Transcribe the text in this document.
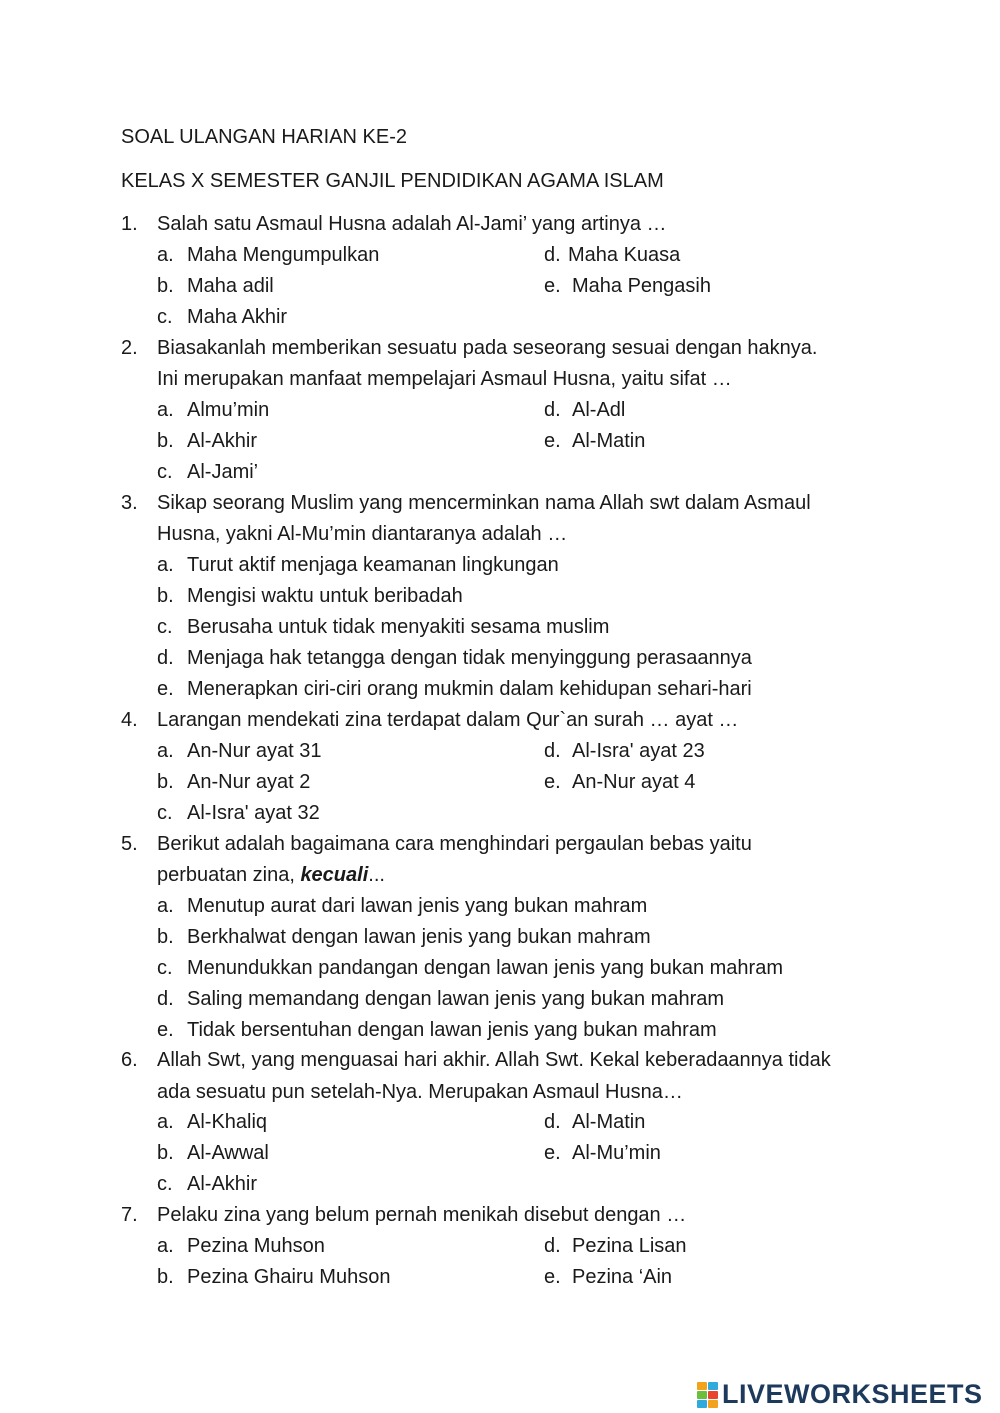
SOAL ULANGAN HARIAN KE-2
KELAS X SEMESTER GANJIL PENDIDIKAN AGAMA ISLAM
1. Salah satu Asmaul Husna adalah Al-Jami’ yang artinya …
a. Maha Mengumpulkan	d. Maha Kuasa
b. Maha adil	e. Maha Pengasih
c. Maha Akhir
2. Biasakanlah memberikan sesuatu pada seseorang sesuai dengan haknya.
Ini merupakan manfaat mempelajari Asmaul Husna, yaitu sifat …
a. Almu’min	d. Al-Adl
b. Al-Akhir	e. Al-Matin
c. Al-Jami’
3. Sikap seorang Muslim yang mencerminkan nama Allah swt dalam Asmaul
Husna, yakni Al-Mu’min diantaranya adalah …
a. Turut aktif menjaga keamanan lingkungan
b. Mengisi waktu untuk beribadah
c. Berusaha untuk tidak menyakiti sesama muslim
d. Menjaga hak tetangga dengan tidak menyinggung perasaannya
e. Menerapkan ciri-ciri orang mukmin dalam kehidupan sehari-hari
4. Larangan mendekati zina terdapat dalam Qur`an surah … ayat …
a. An-Nur ayat 31	d. Al-Isra' ayat 23
b. An-Nur ayat 2	e. An-Nur ayat 4
c. Al-Isra' ayat 32
5. Berikut adalah bagaimana cara menghindari pergaulan bebas yaitu
perbuatan zina, kecuali...
a. Menutup aurat dari lawan jenis yang bukan mahram
b. Berkhalwat dengan lawan jenis yang bukan mahram
c. Menundukkan pandangan dengan lawan jenis yang bukan mahram
d. Saling memandang dengan lawan jenis yang bukan mahram
e. Tidak bersentuhan dengan lawan jenis yang bukan mahram
6. Allah Swt, yang menguasai hari akhir. Allah Swt. Kekal keberadaannya tidak
ada sesuatu pun setelah-Nya. Merupakan Asmaul Husna…
a. Al-Khaliq	d. Al-Matin
b. Al-Awwal	e. Al-Mu’min
c. Al-Akhir
7. Pelaku zina yang belum pernah menikah disebut dengan …
a. Pezina Muhson	d. Pezina Lisan
b. Pezina Ghairu Muhson	e. Pezina ‘Ain
LIVEWORKSHEETS
